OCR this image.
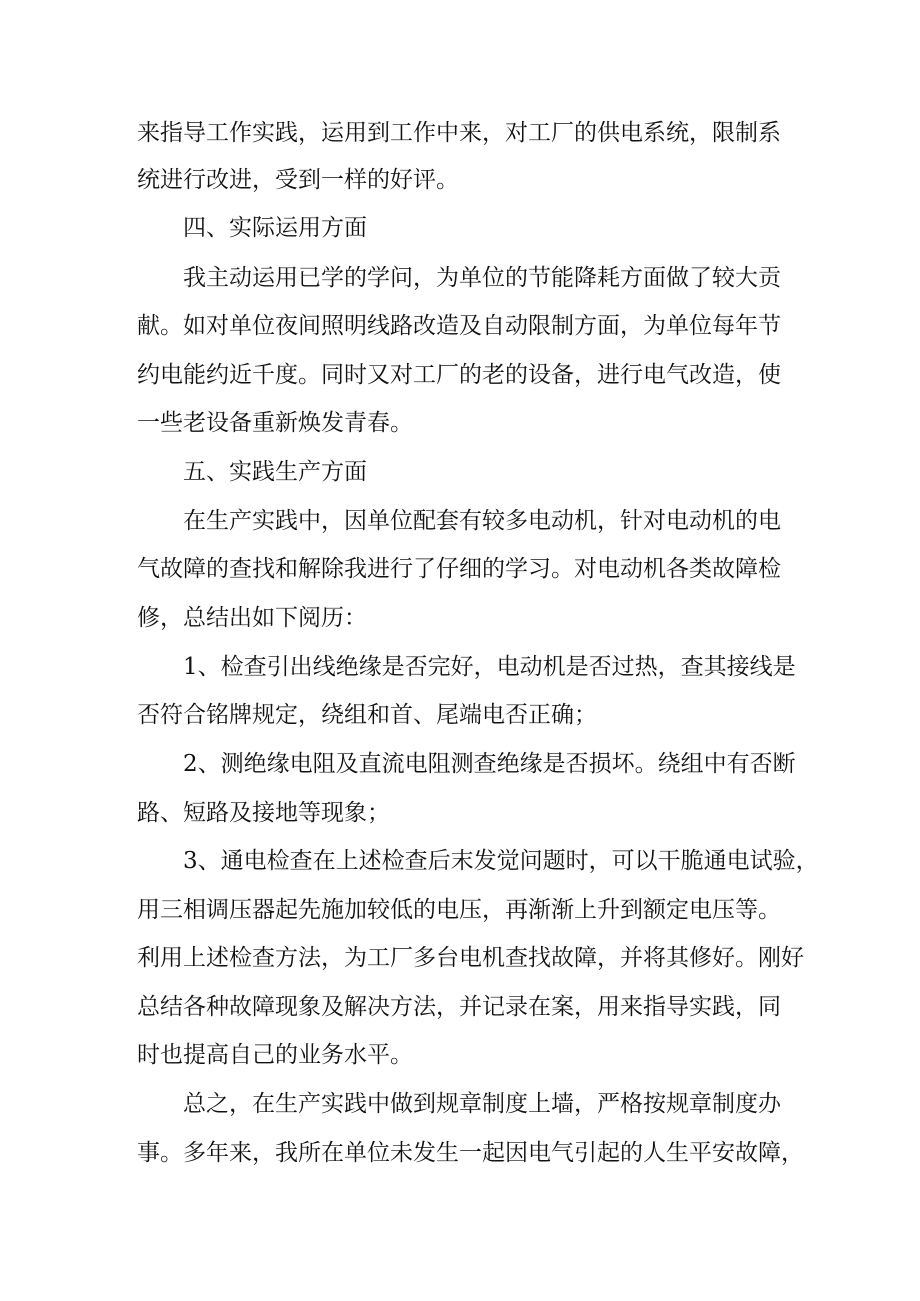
来指导工作实践，运用到工作中来，对工厂的供电系统，限制系
统进行改进，受到一样的好评。
四、实际运用方面
我主动运用已学的学问，为单位的节能降耗方面做了较大贡
献。如对单位夜间照明线路改造及自动限制方面，为单位每年节
约电能约近千度。同时又对工厂的老的设备，进行电气改造，使
一些老设备重新焕发青春。
五、实践生产方面
在生产实践中，因单位配套有较多电动机，针对电动机的电
气故障的查找和解除我进行了仔细的学习。对电动机各类故障检
修，总结出如下阅历：
1、检查引出线绝缘是否完好，电动机是否过热，查其接线是
否符合铭牌规定，绕组和首、尾端电否正确；
2、测绝缘电阻及直流电阻测查绝缘是否损坏。绕组中有否断
路、短路及接地等现象；
3、通电检查在上述检查后末发觉问题时，可以干脆通电试验，
用三相调压器起先施加较低的电压，再渐渐上升到额定电压等。
利用上述检查方法，为工厂多台电机查找故障，并将其修好。刚好
总结各种故障现象及解决方法，并记录在案，用来指导实践，同
时也提高自己的业务水平。
总之，在生产实践中做到规章制度上墙，严格按规章制度办
事。多年来，我所在单位未发生一起因电气引起的人生平安故障，
